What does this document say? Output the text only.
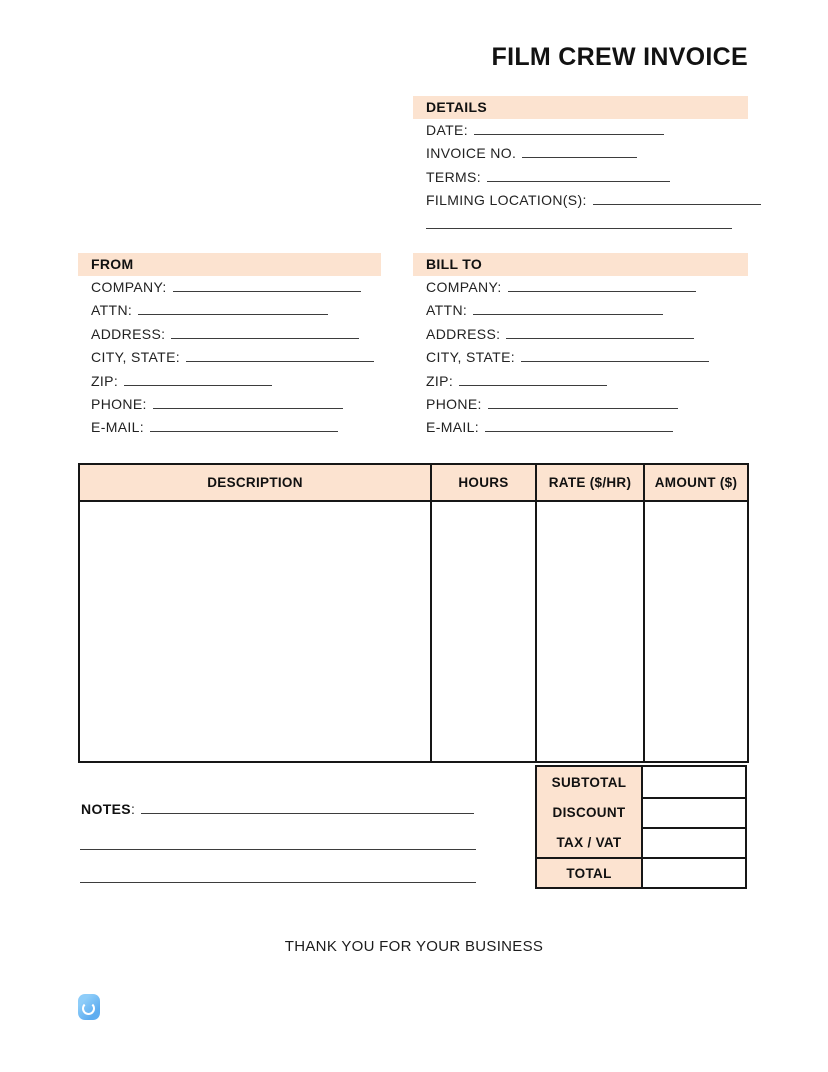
FILM CREW INVOICE
DETAILS
DATE:
INVOICE NO.
TERMS:
FILMING LOCATION(S):
FROM
COMPANY:
ATTN:
ADDRESS:
CITY, STATE:
ZIP:
PHONE:
E-MAIL:
BILL TO
COMPANY:
ATTN:
ADDRESS:
CITY, STATE:
ZIP:
PHONE:
E-MAIL:
DESCRIPTION	HOURS	RATE ($/HR)	AMOUNT ($)

SUBTOTAL
DISCOUNT
TAX / VAT
TOTAL
NOTES:
THANK YOU FOR YOUR BUSINESS
